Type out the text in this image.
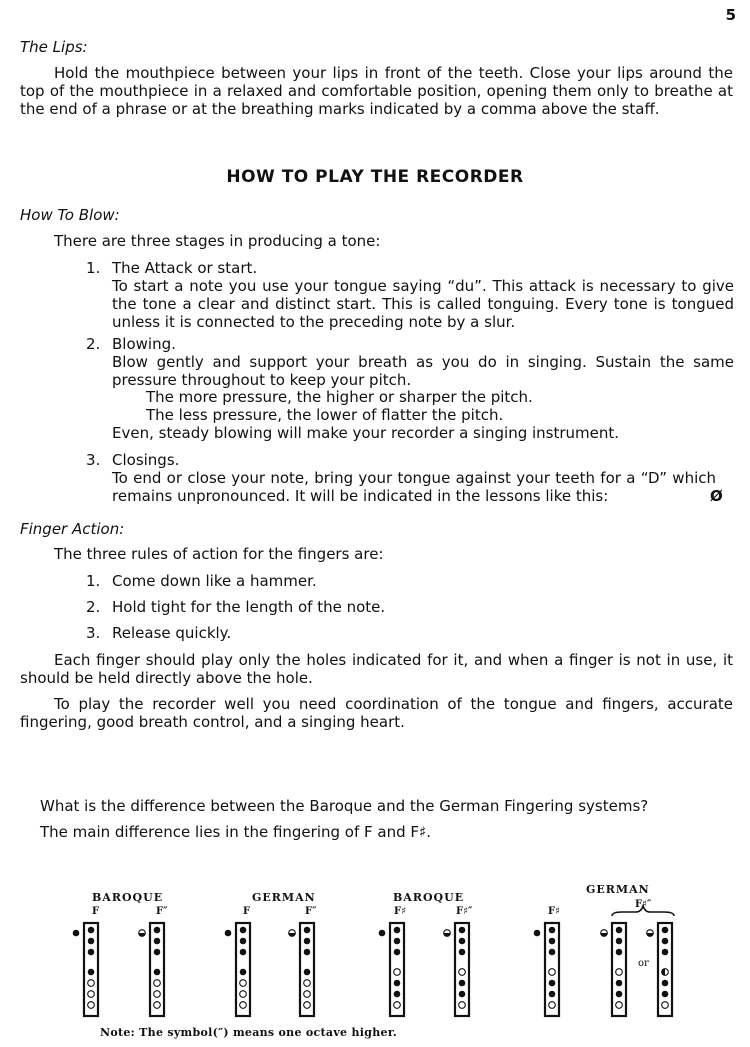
5
The Lips:
Hold the mouthpiece between your lips in front of the teeth. Close your lips around the top of the mouthpiece in a relaxed and comfortable position, opening them only to breathe at the end of a phrase or at the breathing marks indicated by a comma above the staff.
HOW TO PLAY THE RECORDER
How To Blow:
There are three stages in producing a tone:
1. The Attack or start.
To start a note you use your tongue saying “du”. This attack is necessary to give the tone a clear and distinct start. This is called tonguing. Every tone is tongued unless it is connected to the preceding note by a slur.
2. Blowing.
Blow gently and support your breath as you do in singing. Sustain the same pressure throughout to keep your pitch.
The more pressure, the higher or sharper the pitch.
The less pressure, the lower of flatter the pitch.
Even, steady blowing will make your recorder a singing instrument.
3. Closings.
To end or close your note, bring your tongue against your teeth for a “D” which remains unpronounced. It will be indicated in the lessons like this:	Ø
Finger Action:
The three rules of action for the fingers are:
1. Come down like a hammer.
2. Hold tight for the length of the note.
3. Release quickly.
Each finger should play only the holes indicated for it, and when a finger is not in use, it should be held directly above the hole.
To play the recorder well you need coordination of the tongue and fingers, accurate fingering, good breath control, and a singing heart.
What is the difference between the Baroque and the German Fingering systems?
The main difference lies in the fingering of F and F♯.
BAROQUE	GERMAN	BAROQUE
GERMAN
F	F″	F	F″	F♯	F♯″	F♯
F♯″
or
Note: The symbol(″) means one octave higher.
